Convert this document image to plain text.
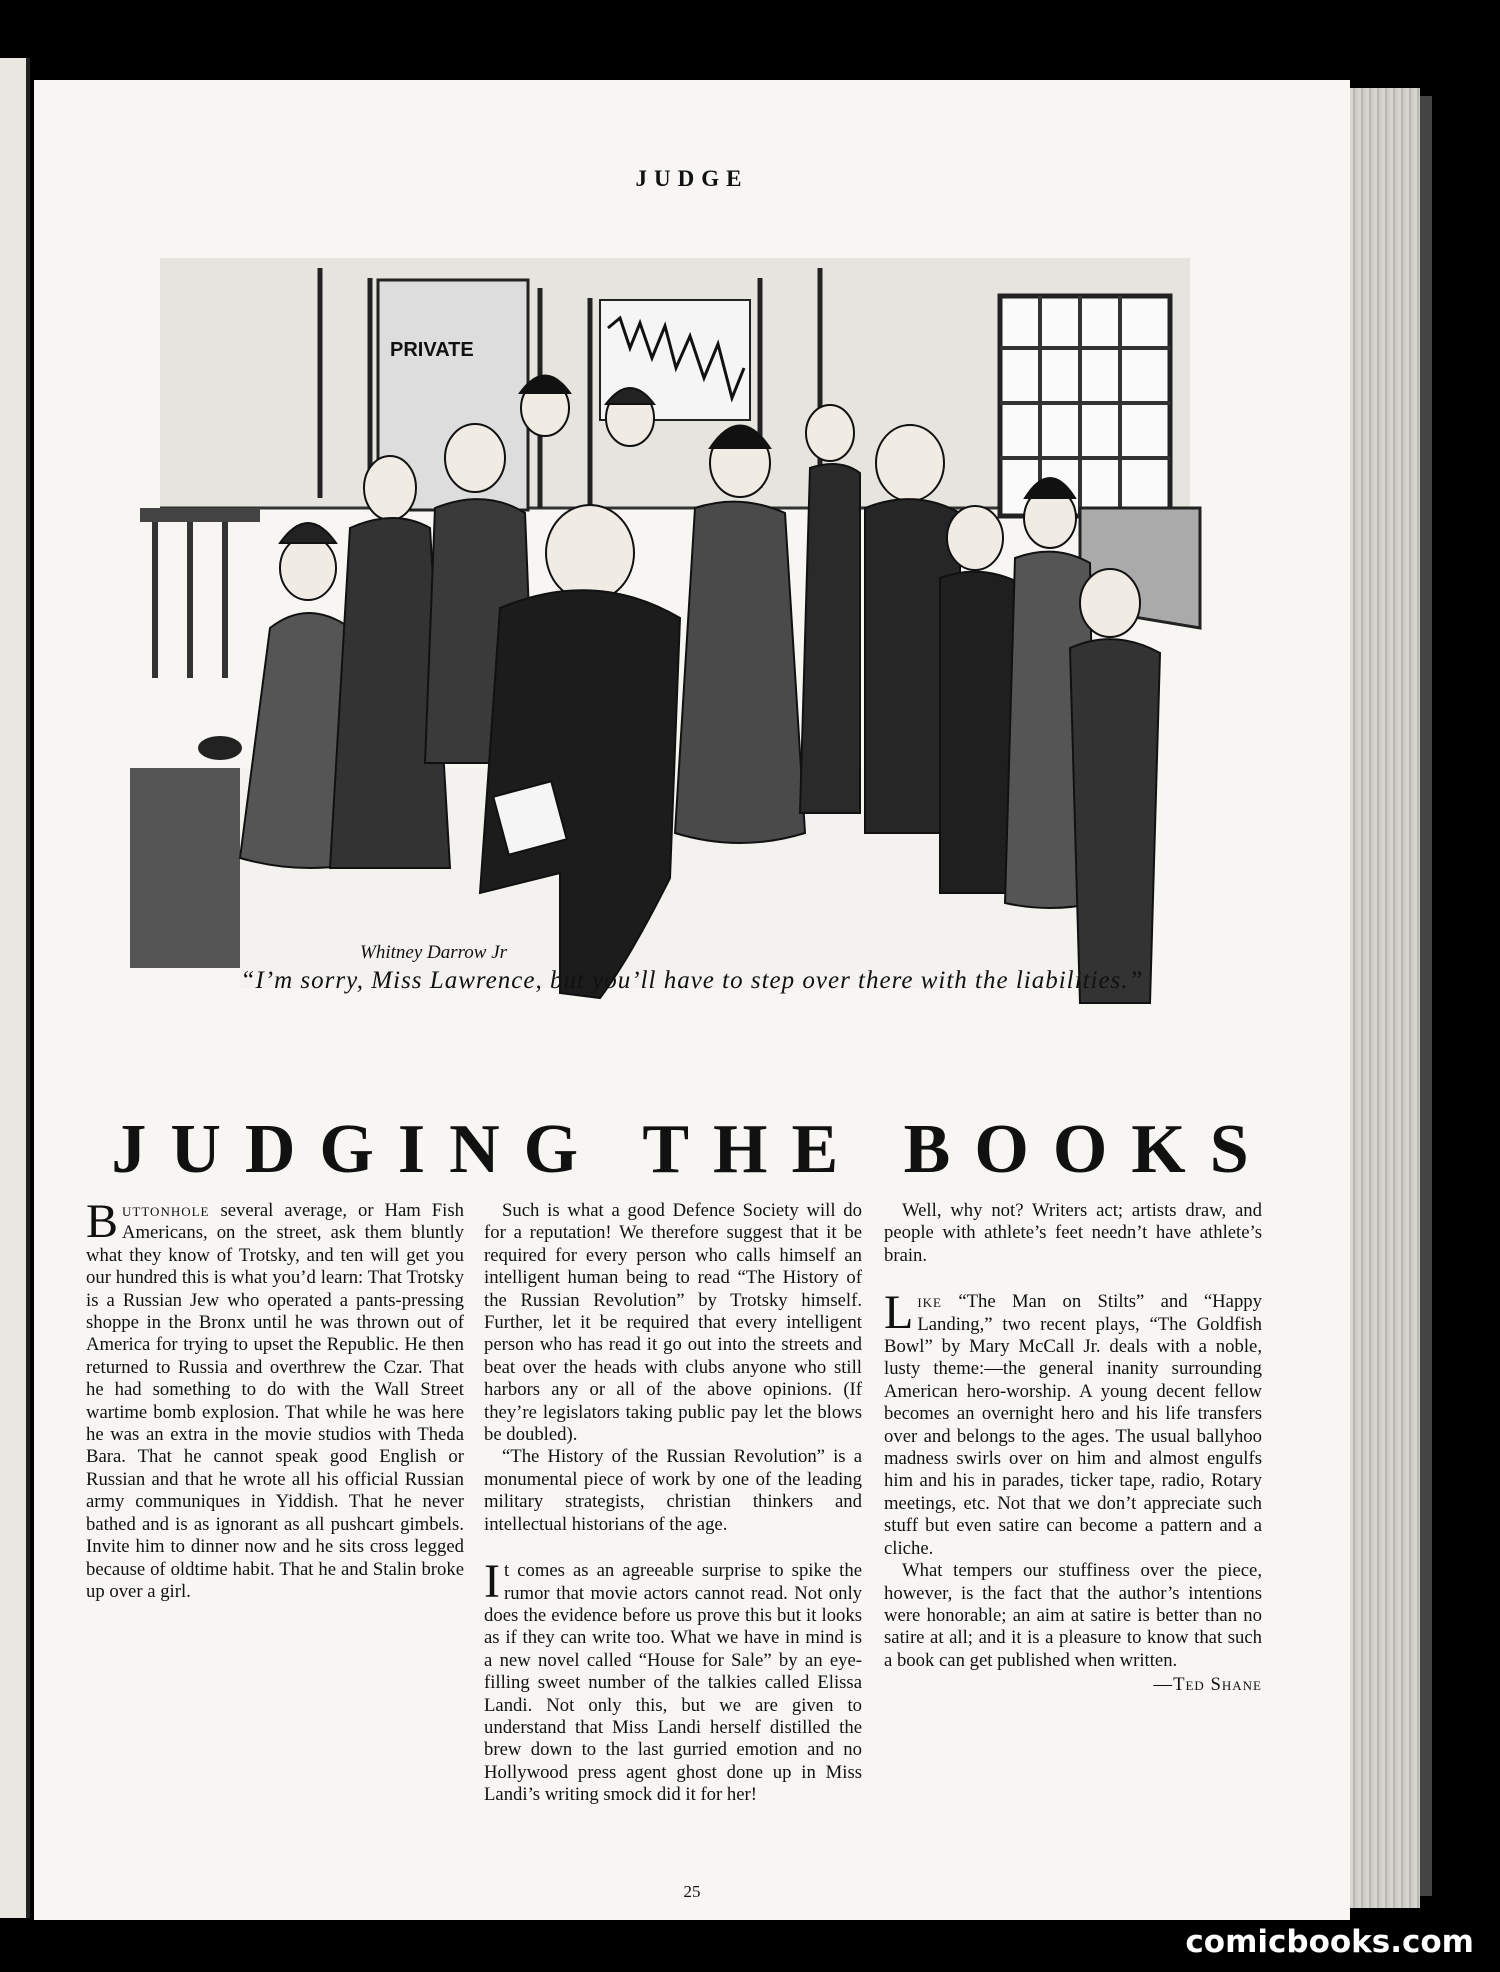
JUDGE
PRIVATE
Whitney Darrow Jr
“I’m sorry, Miss Lawrence, but you’ll have to step over there with the liabilities.”
JUDGING THE BOOKS

Buttonhole several average, or Ham Fish Americans, on the street, ask them bluntly what they know of Trotsky, and ten will get you our hundred this is what you’d learn: That Trotsky is a Russian Jew who operated a pants-pressing shoppe in the Bronx until he was thrown out of America for trying to upset the Republic. He then returned to Russia and overthrew the Czar. That he had something to do with the Wall Street wartime bomb explosion. That while he was here he was an extra in the movie studios with Theda Bara. That he cannot speak good English or Russian and that he wrote all his official Russian army communiques in Yiddish. That he never bathed and is as ignorant as all pushcart gimbels. Invite him to dinner now and he sits cross legged because of oldtime habit. That he and Stalin broke up over a girl.

Such is what a good Defence Society will do for a reputation! We therefore suggest that it be required for every person who calls himself an intelligent human being to read “The History of the Russian Revolution” by Trotsky himself. Further, let it be required that every intelligent person who has read it go out into the streets and beat over the heads with clubs anyone who still harbors any or all of the above opinions. (If they’re legislators taking public pay let the blows be doubled).

“The History of the Russian Revolution” is a monumental piece of work by one of the leading military strategists, christian thinkers and intellectual historians of the age.

It comes as an agreeable surprise to spike the rumor that movie actors cannot read. Not only does the evidence before us prove this but it looks as if they can write too. What we have in mind is a new novel called “House for Sale” by an eye-filling sweet number of the talkies called Elissa Landi. Not only this, but we are given to understand that Miss Landi herself distilled the brew down to the last gurried emotion and no Hollywood press agent ghost done up in Miss Landi’s writing smock did it for her!

Well, why not? Writers act; artists draw, and people with athlete’s feet needn’t have athlete’s brain.

Like “The Man on Stilts” and “Happy Landing,” two recent plays, “The Goldfish Bowl” by Mary McCall Jr. deals with a noble, lusty theme:—the general inanity surrounding American hero-worship. A young decent fellow becomes an overnight hero and his life transfers over and belongs to the ages. The usual ballyhoo madness swirls over on him and almost engulfs him and his in parades, ticker tape, radio, Rotary meetings, etc. Not that we don’t appreciate such stuff but even satire can become a pattern and a cliche.

What tempers our stuffiness over the piece, however, is the fact that the author’s intentions were honorable; an aim at satire is better than no satire at all; and it is a pleasure to know that such a book can get published when written.

—Ted Shane
25
comicbooks.com
